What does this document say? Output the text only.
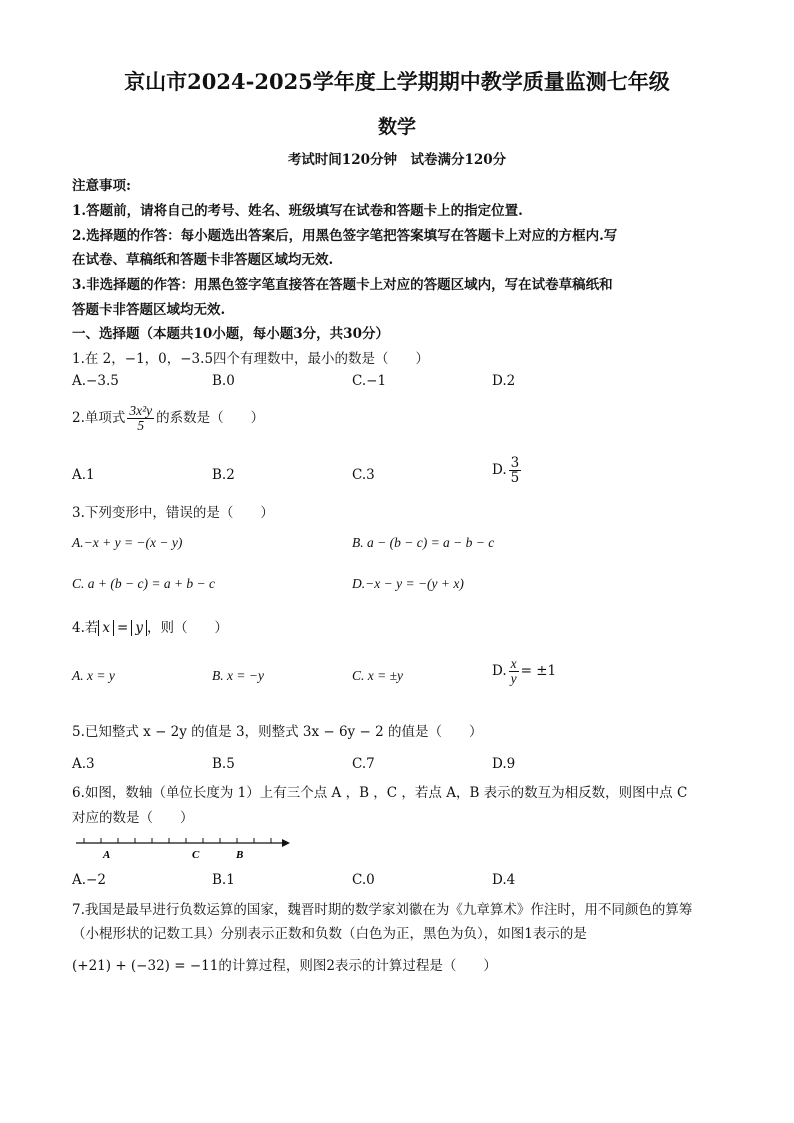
京山市2024-2025学年度上学期期中教学质量监测七年级
数学
考试时间120分钟　试卷满分120分
注意事项:
1.答题前，请将自己的考号、姓名、班级填写在试卷和答题卡上的指定位置.
2.选择题的作答：每小题选出答案后，用黑色签字笔把答案填写在答题卡上对应的方框内.写
在试卷、草稿纸和答题卡非答题区域均无效.
3.非选择题的作答：用黑色签字笔直接答在答题卡上对应的答题区域内，写在试卷草稿纸和
答题卡非答题区域均无效.
一、选择题（本题共10小题，每小题3分，共30分）
1.在 2，−1，0，−3.5四个有理数中，最小的数是（　　）
A.−3.5	B.0	C.−1	D.2
2.单项式 $\frac{\text{3x²y}}{5}$ 的系数是（　　）
A.1	B.2	C.3	D. $\frac{3}{5}$
3.下列变形中，错误的是（　　）
A.−x + y = −(x − y)	B. a − (b − c) = a − b − c
C. a + (b − c) = a + b − c	D.−x − y = −(y + x)
4.若 x = y ，则（　　）
A. x = y	B. x = −y	C. x = ±y	D. $\frac{x}{y} = \pm 1$
5.已知整式 x − 2y 的值是 3，则整式 3x − 6y − 2 的值是（　　）
A.3	B.5	C.7	D.9
6.如图，数轴（单位长度为 1）上有三个点 A ，B ，C ，若点 A，B 表示的数互为相反数，则图中点 C
对应的数是（　　）
A	C	B
A.−2	B.1	C.0	D.4
7.我国是最早进行负数运算的国家，魏晋时期的数学家刘徽在为《九章算术》作注时，用不同颜色的算筹
（小棍形状的记数工具）分别表示正数和负数（白色为正，黑色为负），如图1表示的是
(+21) + (−32) = −11的计算过程，则图2表示的计算过程是（　　）
